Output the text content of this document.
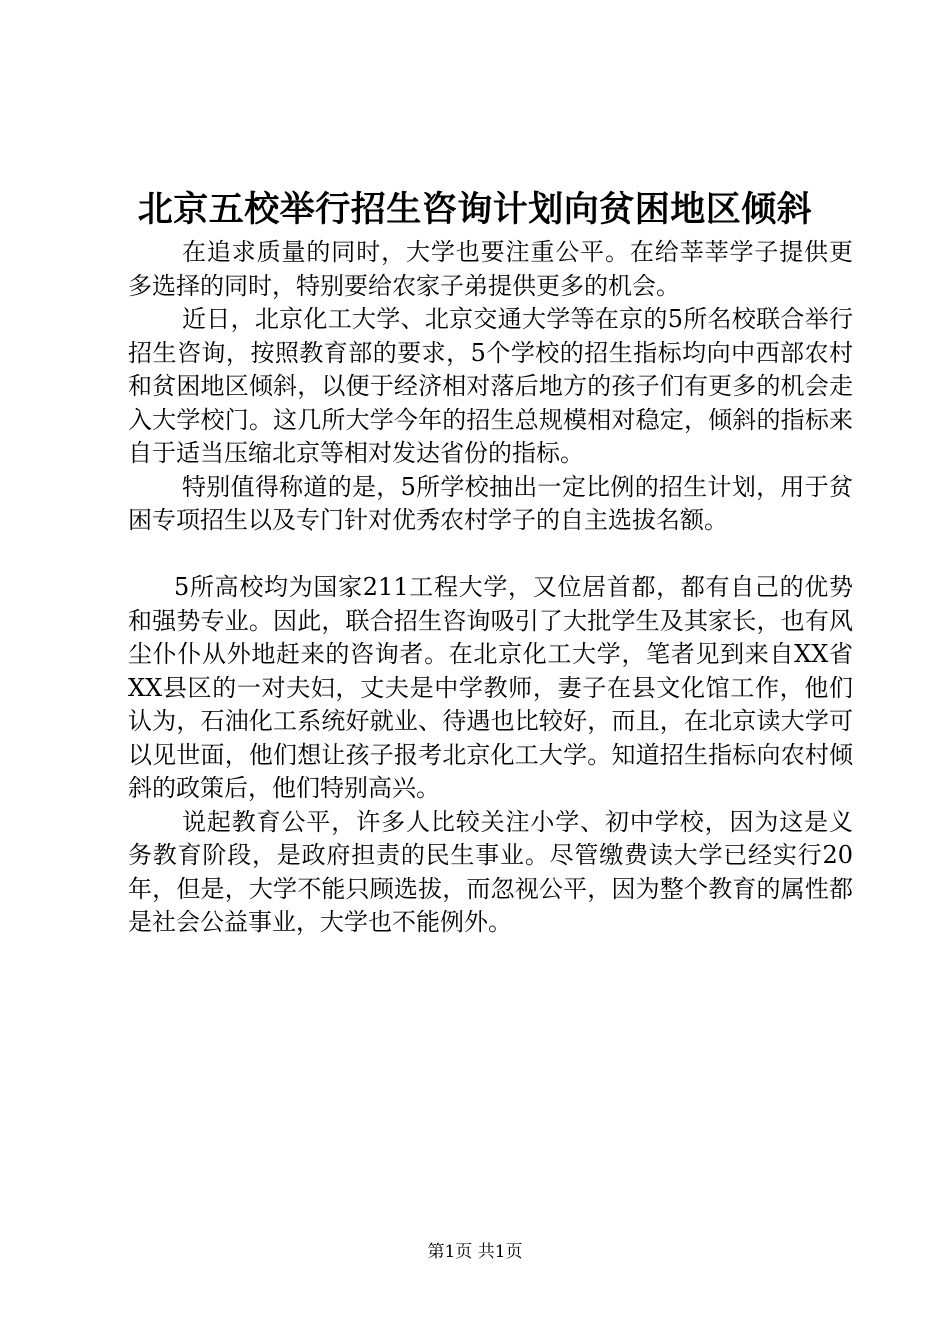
北京五校举行招生咨询计划向贫困地区倾斜

在追求质量的同时，大学也要注重公平。在给莘莘学子提供更多选择的同时，特别要给农家子弟提供更多的机会。

近日，北京化工大学、北京交通大学等在京的5所名校联合举行招生咨询，按照教育部的要求，5个学校的招生指标均向中西部农村和贫困地区倾斜，以便于经济相对落后地方的孩子们有更多的机会走入大学校门。这几所大学今年的招生总规模相对稳定，倾斜的指标来自于适当压缩北京等相对发达省份的指标。

特别值得称道的是，5所学校抽出一定比例的招生计划，用于贫困专项招生以及专门针对优秀农村学子的自主选拔名额。

5所高校均为国家211工程大学，又位居首都，都有自己的优势和强势专业。因此，联合招生咨询吸引了大批学生及其家长，也有风尘仆仆从外地赶来的咨询者。在北京化工大学，笔者见到来自XX省XX县区的一对夫妇，丈夫是中学教师，妻子在县文化馆工作，他们认为，石油化工系统好就业、待遇也比较好，而且，在北京读大学可以见世面，他们想让孩子报考北京化工大学。知道招生指标向农村倾斜的政策后，他们特别高兴。

说起教育公平，许多人比较关注小学、初中学校，因为这是义务教育阶段，是政府担责的民生事业。尽管缴费读大学已经实行20年，但是，大学不能只顾选拔，而忽视公平，因为整个教育的属性都是社会公益事业，大学也不能例外。

第1页 共1页
